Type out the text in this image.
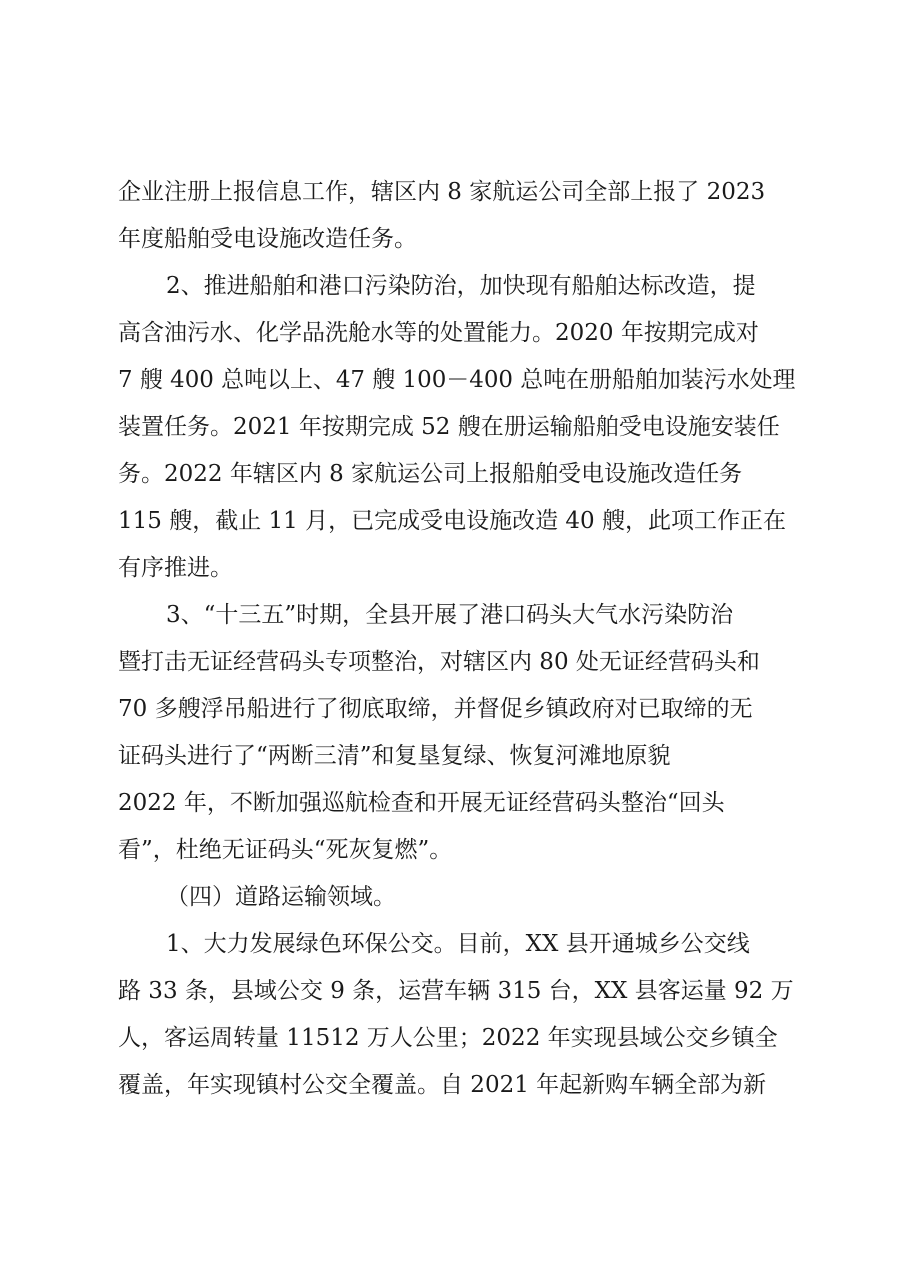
企业注册上报信息工作，辖区内 8 家航运公司全部上报了 2023
年度船舶受电设施改造任务。
2、推进船舶和港口污染防治，加快现有船舶达标改造，提
高含油污水、化学品洗舱水等的处置能力。2020 年按期完成对
7 艘 400 总吨以上、47 艘 100－400 总吨在册船舶加装污水处理
装置任务。2021 年按期完成 52 艘在册运输船舶受电设施安装任
务。2022 年辖区内 8 家航运公司上报船舶受电设施改造任务
115 艘，截止 11 月，已完成受电设施改造 40 艘，此项工作正在
有序推进。
3、“十三五”时期，全县开展了港口码头大气水污染防治
暨打击无证经营码头专项整治，对辖区内 80 处无证经营码头和
70 多艘浮吊船进行了彻底取缔，并督促乡镇政府对已取缔的无
证码头进行了“两断三清”和复垦复绿、恢复河滩地原貌
2022 年，不断加强巡航检查和开展无证经营码头整治“回头
看”，杜绝无证码头“死灰复燃”。
（四）道路运输领域。
1、大力发展绿色环保公交。目前，XX 县开通城乡公交线
路 33 条，县域公交 9 条，运营车辆 315 台，XX 县客运量 92 万
人，客运周转量 11512 万人公里；2022 年实现县域公交乡镇全
覆盖，年实现镇村公交全覆盖。自 2021 年起新购车辆全部为新
